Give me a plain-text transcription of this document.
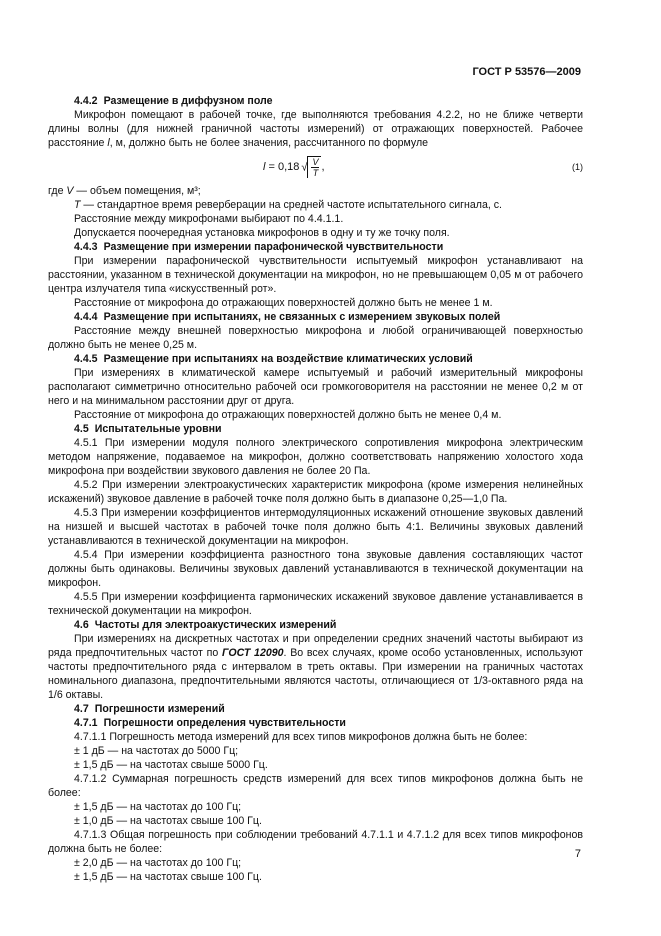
ГОСТ Р 53576—2009

4.4.2 Размещение в диффузном поле

Микрофон помещают в рабочей точке, где выполняются требования 4.2.2, но не ближе четверти длины волны (для нижней граничной частоты измерений) от отражающих поверхностей. Рабочее расстояние l, м, должно быть не более значения, рассчитанного по формуле

l = 0,18 √ $\frac{V}{T}$ ,	(1)

где V — объем помещения, м³;

T — стандартное время реверберации на средней частоте испытательного сигнала, с.

Расстояние между микрофонами выбирают по 4.4.1.1.

Допускается поочередная установка микрофонов в одну и ту же точку поля.

4.4.3 Размещение при измерении парафонической чувствительности

При измерении парафонической чувствительности испытуемый микрофон устанавливают на расстоянии, указанном в технической документации на микрофон, но не превышающем 0,05 м от рабочего центра излучателя типа «искусственный рот».

Расстояние от микрофона до отражающих поверхностей должно быть не менее 1 м.

4.4.4 Размещение при испытаниях, не связанных с измерением звуковых полей

Расстояние между внешней поверхностью микрофона и любой ограничивающей поверхностью должно быть не менее 0,25 м.

4.4.5 Размещение при испытаниях на воздействие климатических условий

При измерениях в климатической камере испытуемый и рабочий измерительный микрофоны располагают симметрично относительно рабочей оси громкоговорителя на расстоянии не менее 0,2 м от него и на минимальном расстоянии друг от друга.

Расстояние от микрофона до отражающих поверхностей должно быть не менее 0,4 м.

4.5 Испытательные уровни

4.5.1 При измерении модуля полного электрического сопротивления микрофона электрическим методом напряжение, подаваемое на микрофон, должно соответствовать напряжению холостого хода микрофона при воздействии звукового давления не более 20 Па.

4.5.2 При измерении электроакустических характеристик микрофона (кроме измерения нелинейных искажений) звуковое давление в рабочей точке поля должно быть в диапазоне 0,25—1,0 Па.

4.5.3 При измерении коэффициентов интермодуляционных искажений отношение звуковых давлений на низшей и высшей частотах в рабочей точке поля должно быть 4:1. Величины звуковых давлений устанавливаются в технической документации на микрофон.

4.5.4 При измерении коэффициента разностного тона звуковые давления составляющих частот должны быть одинаковы. Величины звуковых давлений устанавливаются в технической документации на микрофон.

4.5.5 При измерении коэффициента гармонических искажений звуковое давление устанавливается в технической документации на микрофон.

4.6 Частоты для электроакустических измерений

При измерениях на дискретных частотах и при определении средних значений частоты выбирают из ряда предпочтительных частот по ГОСТ 12090. Во всех случаях, кроме особо установленных, используют частоты предпочтительного ряда с интервалом в треть октавы. При измерении на граничных частотах номинального диапазона, предпочтительными являются частоты, отличающиеся от 1/3-октавного ряда на 1/6 октавы.

4.7 Погрешности измерений

4.7.1 Погрешности определения чувствительности

4.7.1.1 Погрешность метода измерений для всех типов микрофонов должна быть не более:

± 1 дБ — на частотах до 5000 Гц;

± 1,5 дБ — на частотах свыше 5000 Гц.

4.7.1.2 Суммарная погрешность средств измерений для всех типов микрофонов должна быть не более:

± 1,5 дБ — на частотах до 100 Гц;

± 1,0 дБ — на частотах свыше 100 Гц.

4.7.1.3 Общая погрешность при соблюдении требований 4.7.1.1 и 4.7.1.2 для всех типов микрофонов должна быть не более:

± 2,0 дБ — на частотах до 100 Гц;

± 1,5 дБ — на частотах свыше 100 Гц.

7
